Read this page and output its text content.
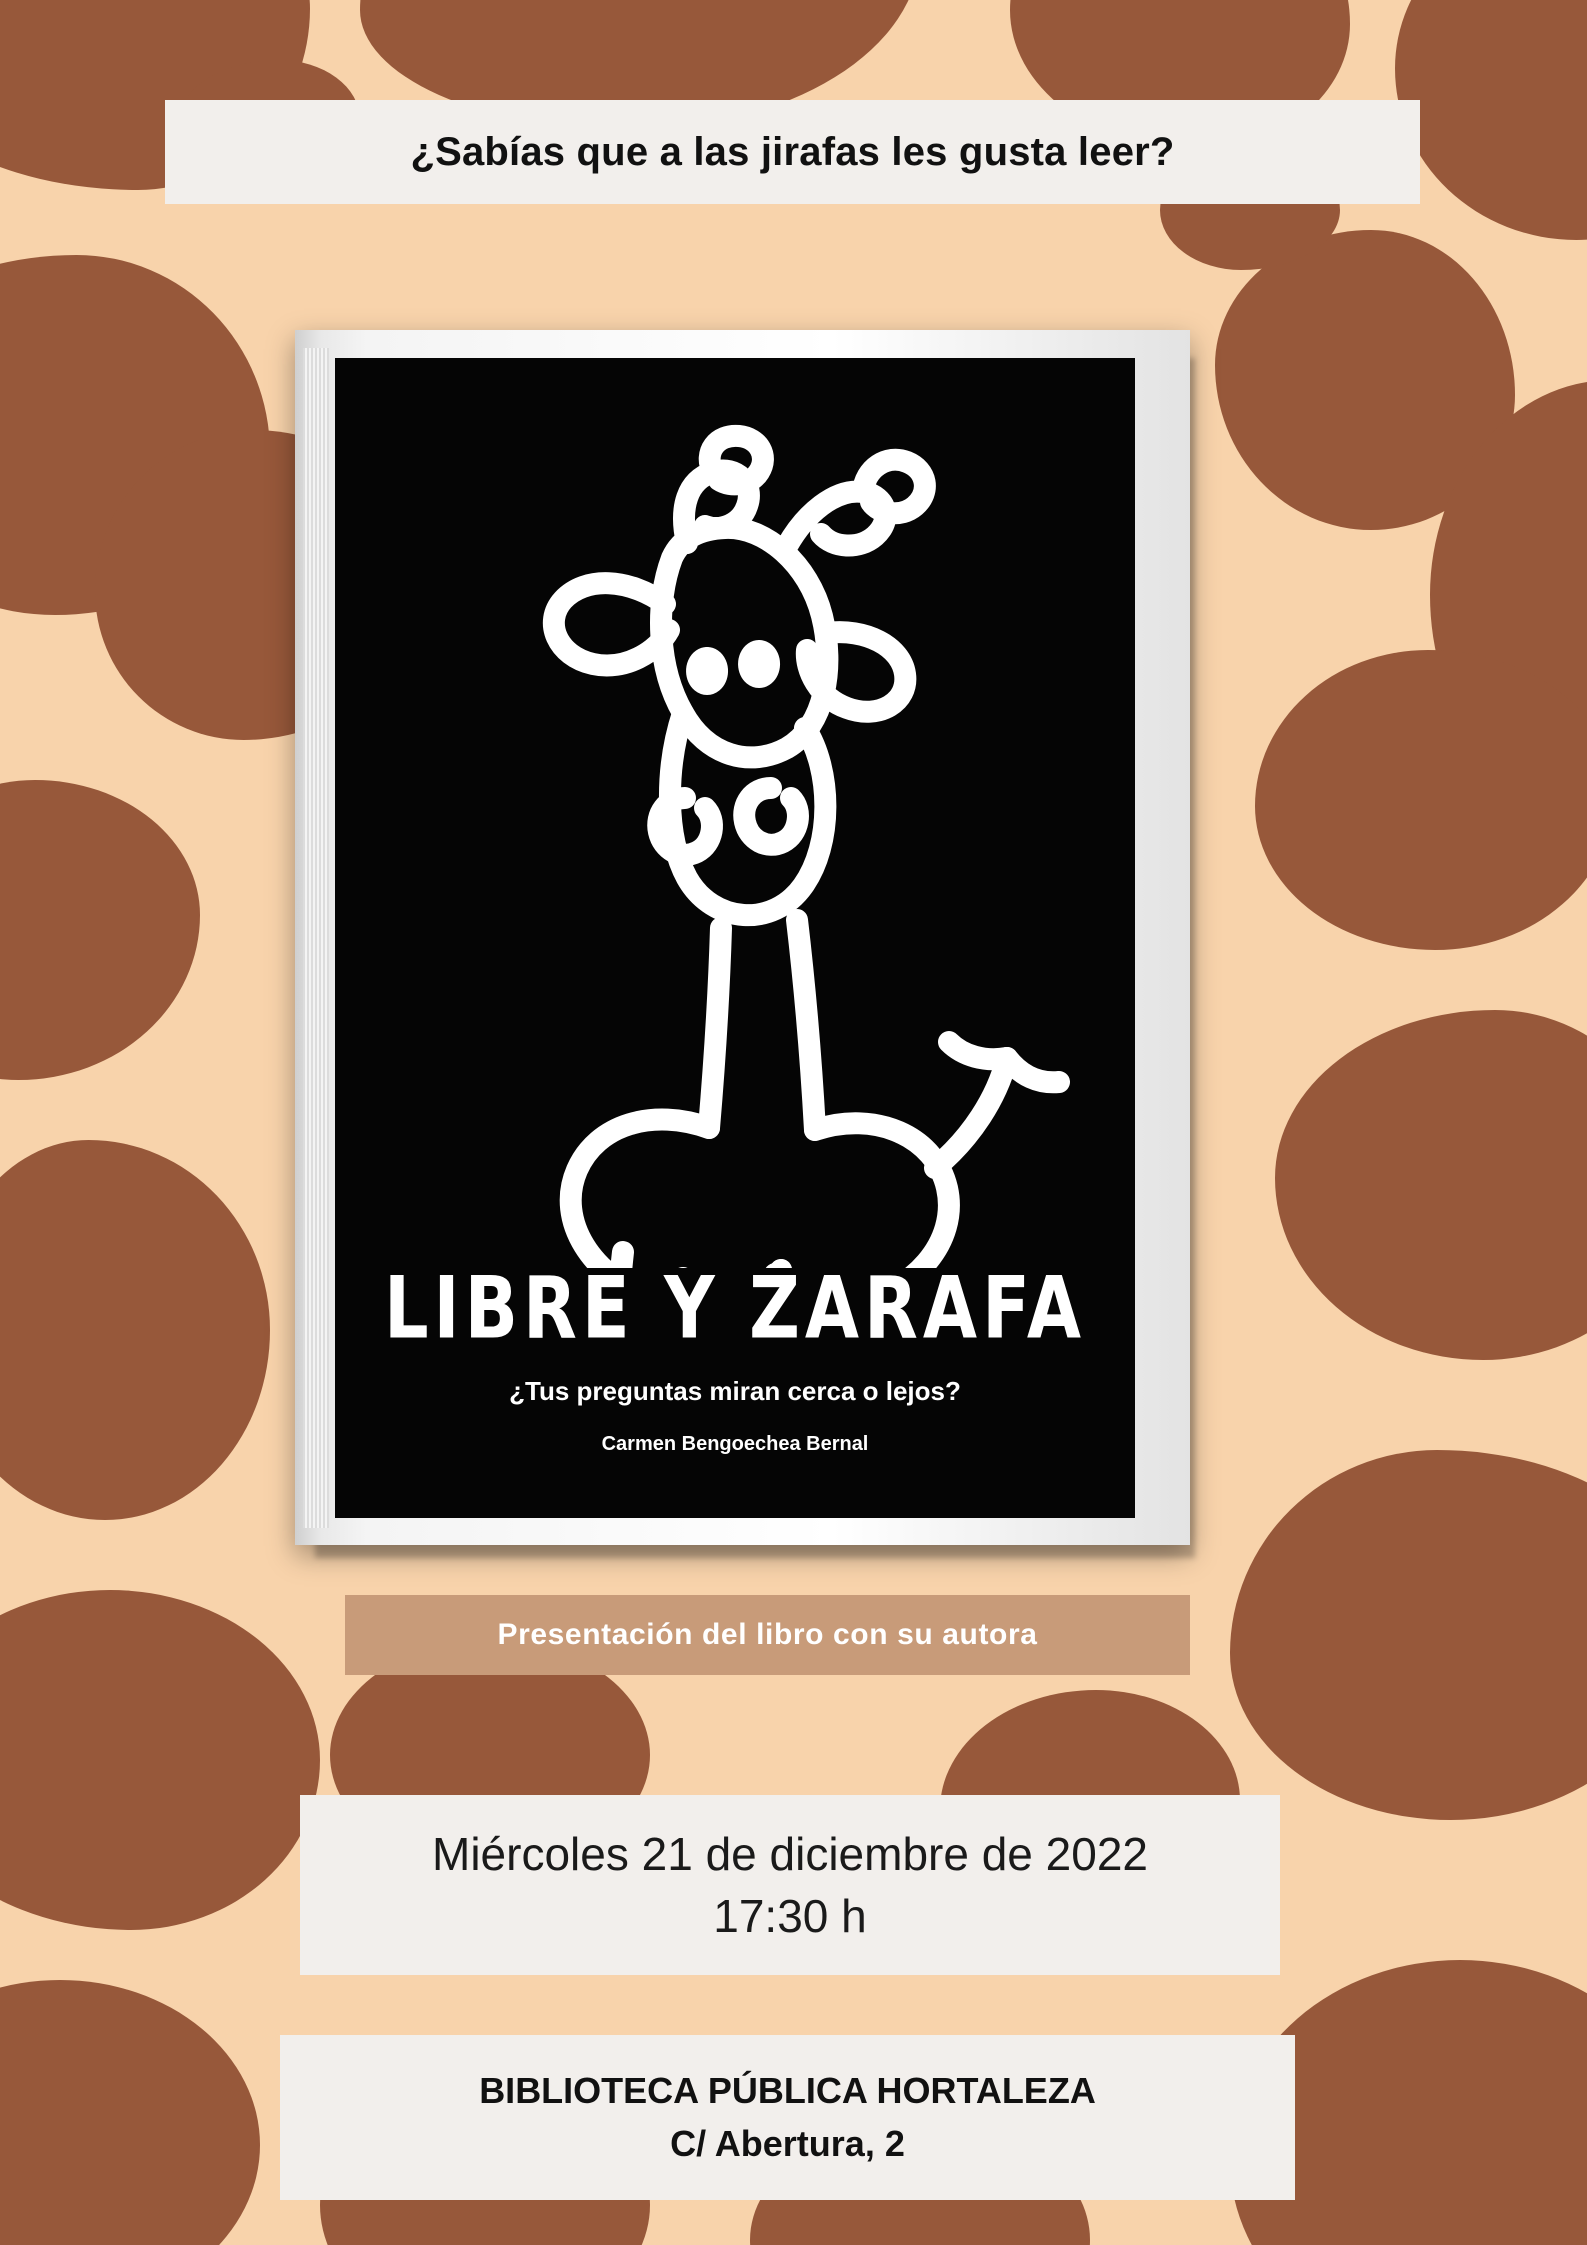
¿Sabías que a las jirafas les gusta leer?
LIBRE Y ZARAFA
¿Tus preguntas miran cerca o lejos?
Carmen Bengoechea Bernal
Presentación del libro con su autora
Miércoles 21 de diciembre de 2022
17:30 h
BIBLIOTECA PÚBLICA HORTALEZA
C/ Abertura, 2
